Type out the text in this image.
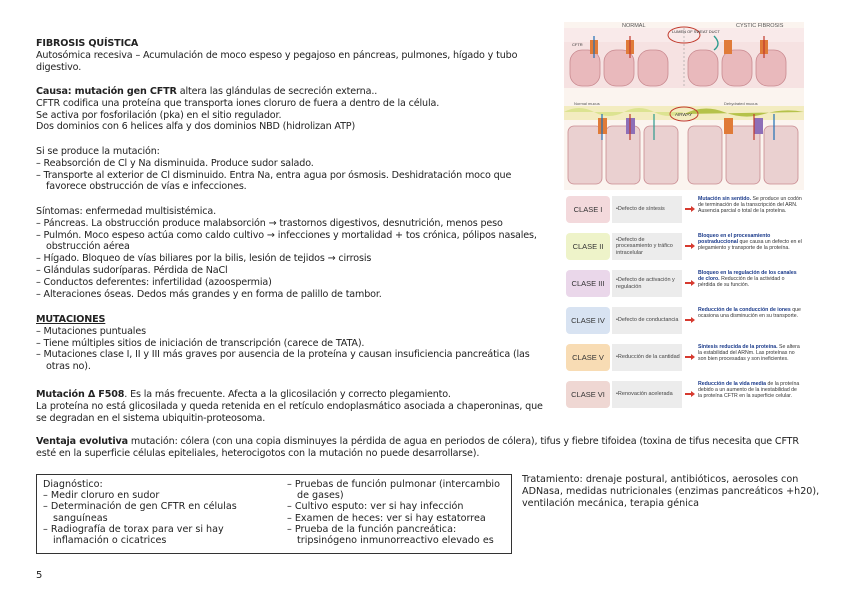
FIBROSIS QUÍSTICA

Autosómica recesiva – Acumulación de moco espeso y pegajoso en páncreas, pulmones, hígado y tubo digestivo.

Causa: mutación gen CFTR altera las glándulas de secreción externa..

CFTR codifica una proteína que transporta iones cloruro de fuera a dentro de la célula.

Se activa por fosforilación (pka) en el sitio regulador.

Dos dominios con 6 helices alfa y dos dominios NBD (hidrolizan ATP)

Si se produce la mutación:

– Reabsorción de Cl y Na disminuida. Produce sudor salado.
– Transporte al exterior de Cl disminuido. Entra Na, entra agua por ósmosis. Deshidratación moco que favorece obstrucción de vías e infecciones.

Síntomas: enfermedad multisistémica.

– Páncreas. La obstrucción produce malabsorción → trastornos digestivos, desnutrición, menos peso
– Pulmón. Moco espeso actúa como caldo cultivo → infecciones y mortalidad + tos crónica, pólipos nasales, obstrucción aérea
– Hígado. Bloqueo de vías biliares por la bilis, lesión de tejidos → cirrosis
– Glándulas sudoríparas. Pérdida de NaCl
– Conductos deferentes: infertilidad (azoospermia)
– Alteraciones óseas. Dedos más grandes y en forma de palillo de tambor.

MUTACIONES

– Mutaciones puntuales
– Tiene múltiples sitios de iniciación de transcripción (carece de TATA).
– Mutaciones clase I, II y III más graves por ausencia de la proteína y causan insuficiencia pancreática (las otras no).

Mutación Δ F508. Es la más frecuente. Afecta a la glicosilación y correcto plegamiento.

La proteína no está glicosilada y queda retenida en el retículo endoplasmático asociada a chaperoninas, que se degradan en el sistema ubiquitin-proteosoma.

Ventaja evolutiva mutación: cólera (con una copia disminuyes la pérdida de agua en periodos de cólera), tifus y fiebre tifoidea (toxina de tifus necesita que CFTR esté en la superficie células epiteliales, heterocigotos con la mutación no puede desarrollarse).

Diagnóstico:

– Medir cloruro en sudor
– Determinación de gen CFTR en células sanguíneas
– Radiografía de torax para ver si hay inflamación o cicatrices
– Pruebas de función pulmonar (intercambio de gases)
– Cultivo esputo: ver si hay infección
– Examen de heces: ver si hay estatorrea
– Prueba de la función pancreática: tripsinógeno inmunorreactivo elevado es
Tratamiento: drenaje postural, antibióticos, aerosoles con ADNasa, medidas nutricionales (enzimas pancreáticos +h20), ventilación mecánica, terapia génica
5
NORMAL	CYSTIC FIBROSIS
LUMEN OF SWEAT DUCT
CFTR
AIRWAY
Normal mucus	Dehydrated mucus
CLASE I	•Defecto de síntesis
Mutación sin sentido. Se produce un codón de terminación de la transcripción del ARN. Ausencia parcial o total de la proteína.
CLASE II
•Defecto de procesamiento y tráfico intracelular
Bloqueo en el procesamiento postraduccional que causa un defecto en el plegamiento y transporte de la proteína.
CLASE III	•Defecto de activación y regulación
Bloqueo en la regulación de los canales de cloro. Reducción de la actividad o pérdida de su función.
CLASE IV	•Defecto de conductancia
Reducción de la conducción de iones que ocasiona una disminución en su transporte.
CLASE V	•Reducción de la cantidad
Síntesis reducida de la proteína. Se altera la estabilidad del ARNm. Las proteínas no son bien procesadas y son ineficientes.
CLASE VI	•Renovación acelerada
Reducción de la vida media de la proteína debido a un aumento de la inestabilidad de la proteína CFTR en la superficie celular.
